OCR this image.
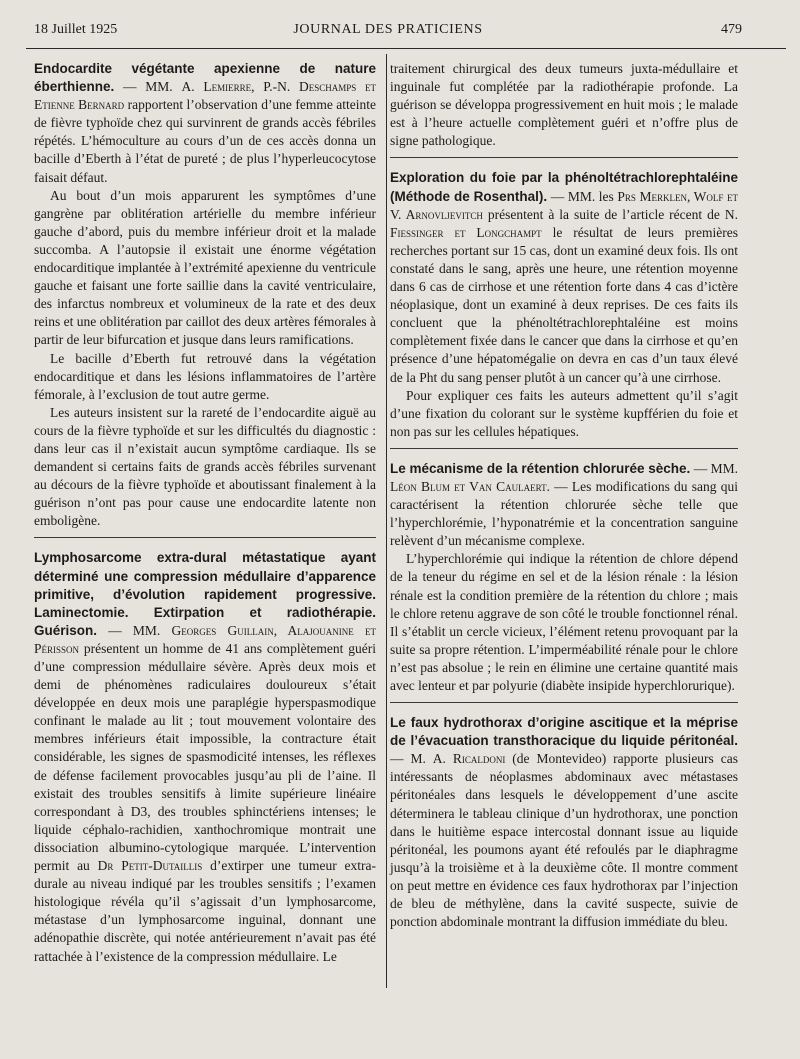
18 Juillet 1925	JOURNAL DES PRATICIENS	479

Endocardite végétante apexienne de nature éberthienne. — MM. A. Lemierre, P.-N. Deschamps et Etienne Bernard rapportent l’observation d’une femme atteinte de fièvre typhoïde chez qui survinrent de grands accès fébriles répétés. L’hémoculture au cours d’un de ces accès donna un bacille d’Eberth à l’état de pureté ; de plus l’hyperleucocytose faisait défaut.

Au bout d’un mois apparurent les symptômes d’une gangrène par oblitération artérielle du membre inférieur gauche d’abord, puis du membre inférieur droit et la malade succomba. A l’autopsie il existait une énorme végétation endocarditique implantée à l’extrémité apexienne du ventricule gauche et faisant une forte saillie dans la cavité ventriculaire, des infarctus nombreux et volumineux de la rate et des deux reins et une oblitération par caillot des deux artères fémorales à partir de leur bifurcation et jusque dans leurs ramifications.

Le bacille d’Eberth fut retrouvé dans la végétation endocarditique et dans les lésions inflammatoires de l’artère fémorale, à l’exclusion de tout autre germe.

Les auteurs insistent sur la rareté de l’endocardite aiguë au cours de la fièvre typhoïde et sur les difficultés du diagnostic : dans leur cas il n’existait aucun symptôme cardiaque. Ils se demandent si certains faits de grands accès fébriles survenant au décours de la fièvre typhoïde et aboutissant finalement à la guérison n’ont pas pour cause une endocardite latente non emboligène.

Lymphosarcome extra-dural métastatique ayant déterminé une compression médullaire d’apparence primitive, d’évolution rapidement progressive. Laminectomie. Extirpation et radiothérapie. Guérison. — MM. Georges Guillain, Alajouanine et Périsson présentent un homme de 41 ans complètement guéri d’une compression médullaire sévère. Après deux mois et demi de phénomènes radiculaires douloureux s’était développée en deux mois une paraplégie hyperspasmodique confinant le malade au lit ; tout mouvement volontaire des membres inférieurs était impossible, la contracture était considérable, les signes de spasmodicité intenses, les réflexes de défense facilement provocables jusqu’au pli de l’aine. Il existait des troubles sensitifs à limite supérieure linéaire correspondant à D3, des troubles sphinctériens intenses; le liquide céphalo-rachidien, xanthochromique montrait une dissociation albumino-cytologique marquée. L’intervention permit au Dr Petit-Dutaillis d’extirper une tumeur extra-durale au niveau indiqué par les troubles sensitifs ; l’examen histologique révéla qu’il s’agissait d’un lymphosarcome, métastase d’un lymphosarcome inguinal, donnant une adénopathie discrète, qui notée antérieurement n’avait pas été rattachée à l’existence de la compression médullaire. Le

traitement chirurgical des deux tumeurs juxta-médullaire et inguinale fut complétée par la radiothérapie profonde. La guérison se développa progressivement en huit mois ; le malade est à l’heure actuelle complètement guéri et n’offre plus de signe pathologique.

Exploration du foie par la phénoltétrachlorephtaléine (Méthode de Rosenthal). — MM. les Prs Merklen, Wolf et V. Arnovljevitch présentent à la suite de l’article récent de N. Fiessinger et Longchampt le résultat de leurs premières recherches portant sur 15 cas, dont un examiné deux fois. Ils ont constaté dans le sang, après une heure, une rétention moyenne dans 6 cas de cirrhose et une rétention forte dans 4 cas d’ictère néoplasique, dont un examiné à deux reprises. De ces faits ils concluent que la phénoltétrachlorephtaléine est moins complètement fixée dans le cancer que dans la cirrhose et qu’en présence d’une hépatomégalie on devra en cas d’un taux élevé de la Pht du sang penser plutôt à un cancer qu’à une cirrhose.

Pour expliquer ces faits les auteurs admettent qu’il s’agit d’une fixation du colorant sur le système kupfférien du foie et non pas sur les cellules hépatiques.

Le mécanisme de la rétention chlorurée sèche. — MM. Léon Blum et Van Caulaert. — Les modifications du sang qui caractérisent la rétention chlorurée sèche telle que l’hyperchlorémie, l’hyponatrémie et la concentration sanguine relèvent d’un mécanisme complexe.

L’hyperchlorémie qui indique la rétention de chlore dépend de la teneur du régime en sel et de la lésion rénale : la lésion rénale est la condition première de la rétention du chlore ; mais le chlore retenu aggrave de son côté le trouble fonctionnel rénal. Il s’établit un cercle vicieux, l’élément retenu provoquant par la suite sa propre rétention. L’imperméabilité rénale pour le chlore n’est pas absolue ; le rein en élimine une certaine quantité mais avec lenteur et par polyurie (diabète insipide hyperchlorurique).

Le faux hydrothorax d’origine ascitique et la méprise de l’évacuation transthoracique du liquide péritonéal. — M. A. Ricaldoni (de Montevideo) rapporte plusieurs cas intéressants de néoplasmes abdominaux avec métastases péritonéales dans lesquels le développement d’une ascite déterminera le tableau clinique d’un hydrothorax, une ponction dans le huitième espace intercostal donnant issue au liquide péritonéal, les poumons ayant été refoulés par le diaphragme jusqu’à la troisième et à la deuxième côte. Il montre comment on peut mettre en évidence ces faux hydrothorax par l’injection de bleu de méthylène, dans la cavité suspecte, suivie de ponction abdominale montrant la diffusion immédiate du bleu.
